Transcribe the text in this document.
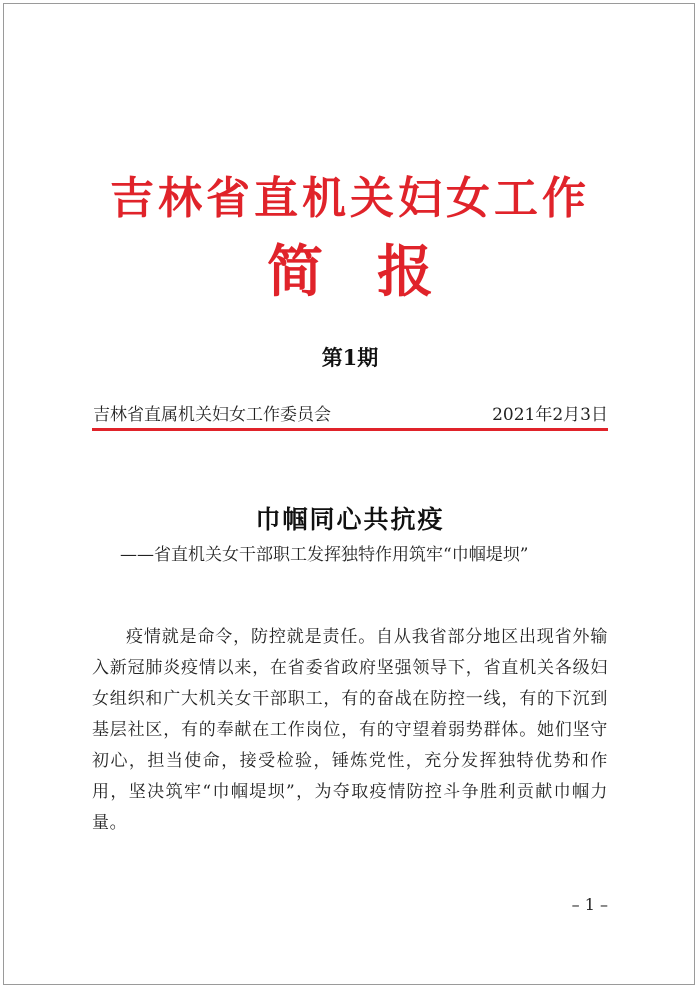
吉林省直机关妇女工作
简报
第1期
吉林省直属机关妇女工作委员会	2021年2月3日
巾帼同心共抗疫
——省直机关女干部职工发挥独特作用筑牢“巾帼堤坝”

疫情就是命令，防控就是责任。自从我省部分地区出现省外输入新冠肺炎疫情以来，在省委省政府坚强领导下，省直机关各级妇女组织和广大机关女干部职工，有的奋战在防控一线，有的下沉到基层社区，有的奉献在工作岗位，有的守望着弱势群体。她们坚守初心，担当使命，接受检验，锤炼党性，充分发挥独特优势和作用，坚决筑牢“巾帼堤坝”，为夺取疫情防控斗争胜利贡献巾帼力量。

– 1 –
